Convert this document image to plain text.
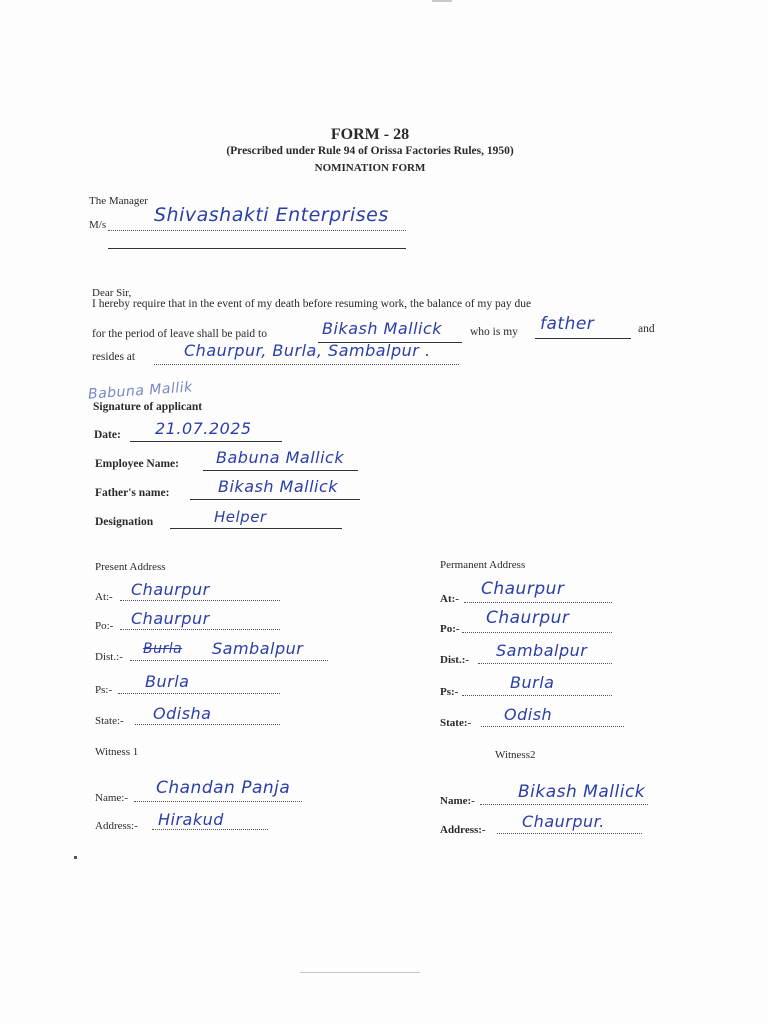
FORM - 28
(Prescribed under Rule 94 of Orissa Factories Rules, 1950)
NOMINATION FORM
The Manager
M/s	Shivashakti Enterprises
Dear Sir,
I hereby require that in the event of my death before resuming work, the balance of my pay due
for the period of leave shall be paid to	Bikash Mallick who is my father	and
resides at	Chaurpur, Burla, Sambalpur .
Babuna Mallik
Signature of applicant
Date: 21.07.2025
Employee Name: Babuna Mallick
Father's name:	Bikash Mallick
Designation	Helper
Present Address
At:- Chaurpur
Po:- Chaurpur
Dist.:- Burla Sambalpur
Ps:- Burla
State:- Odisha
Permanent Address
At:- Chaurpur
Po:-
Chaurpur
Dist.:- Sambalpur
Ps:-	Burla
State:- Odish
Witness 1
Name:- Chandan Panja
Address:- Hirakud
Witness2
Name:-	Bikash Mallick
Address:- Chaurpur.
